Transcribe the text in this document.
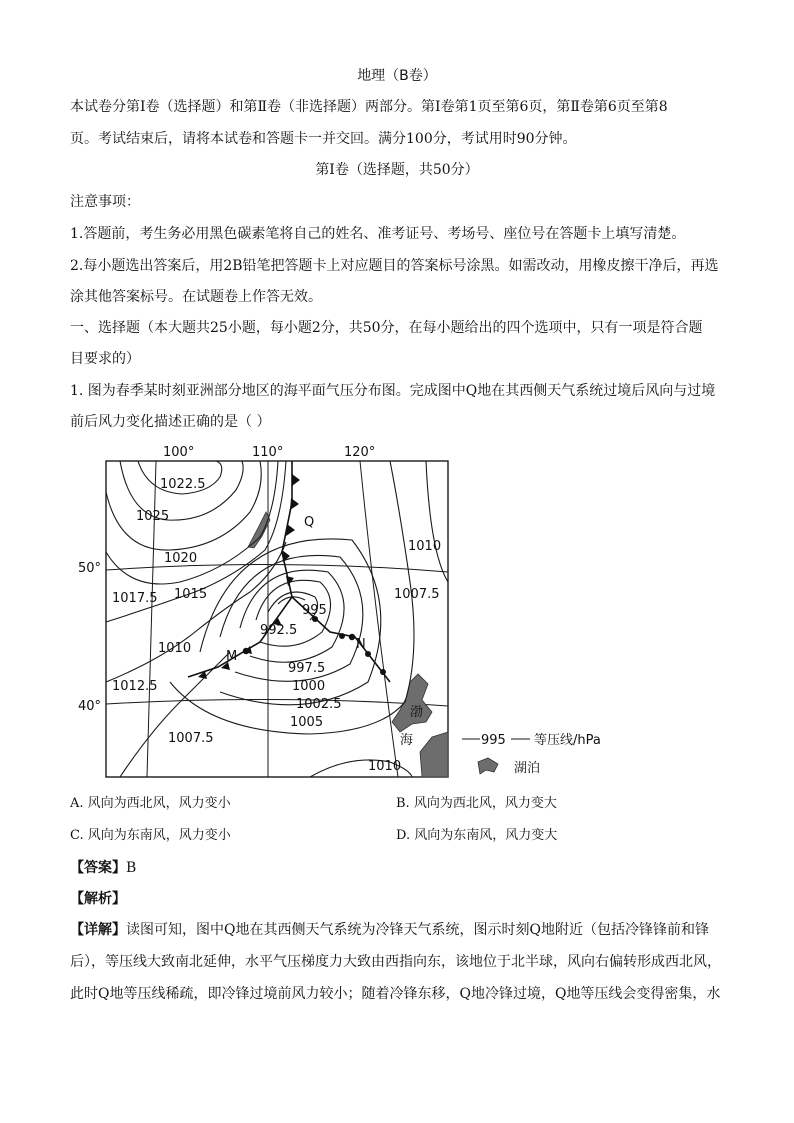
地理（B卷）
本试卷分第Ⅰ卷（选择题）和第Ⅱ卷（非选择题）两部分。第Ⅰ卷第1页至第6页，第Ⅱ卷第6页至第8
页。考试结束后，请将本试卷和答题卡一并交回。满分100分，考试用时90分钟。
第Ⅰ卷（选择题，共50分）
注意事项：
1.答题前，考生务必用黑色碳素笔将自己的姓名、准考证号、考场号、座位号在答题卡上填写清楚。
2.每小题选出答案后，用2B铅笔把答题卡上对应题目的答案标号涂黑。如需改动，用橡皮擦干净后，再选
涂其他答案标号。在试题卷上作答无效。
一、选择题（本大题共25小题，每小题2分，共50分，在每小题给出的四个选项中，只有一项是符合题
目要求的）
1. 图为春季某时刻亚洲部分地区的海平面气压分布图。完成图中Q地在其西侧天气系统过境后风向与过境
前后风力变化描述正确的是（ ）
100°	110°	120°
50°
40°
1022.5
1025
1020
1017.5 1015
1012.5
1010
1007.5
1010
1007.5
995
992.5
997.5
1000
1002.5
1005
1010
Q
M
N
渤
海	995 等压线/hPa
湖泊
A. 风向为西北风，风力变小	B. 风向为西北风，风力变大
C. 风向为东南风，风力变小	D. 风向为东南风，风力变大
【答案】B
【解析】
【详解】读图可知，图中Q地在其西侧天气系统为冷锋天气系统，图示时刻Q地附近（包括冷锋锋前和锋
后），等压线大致南北延伸，水平气压梯度力大致由西指向东，该地位于北半球，风向右偏转形成西北风，
此时Q地等压线稀疏，即冷锋过境前风力较小；随着冷锋东移，Q地冷锋过境，Q地等压线会变得密集，水
